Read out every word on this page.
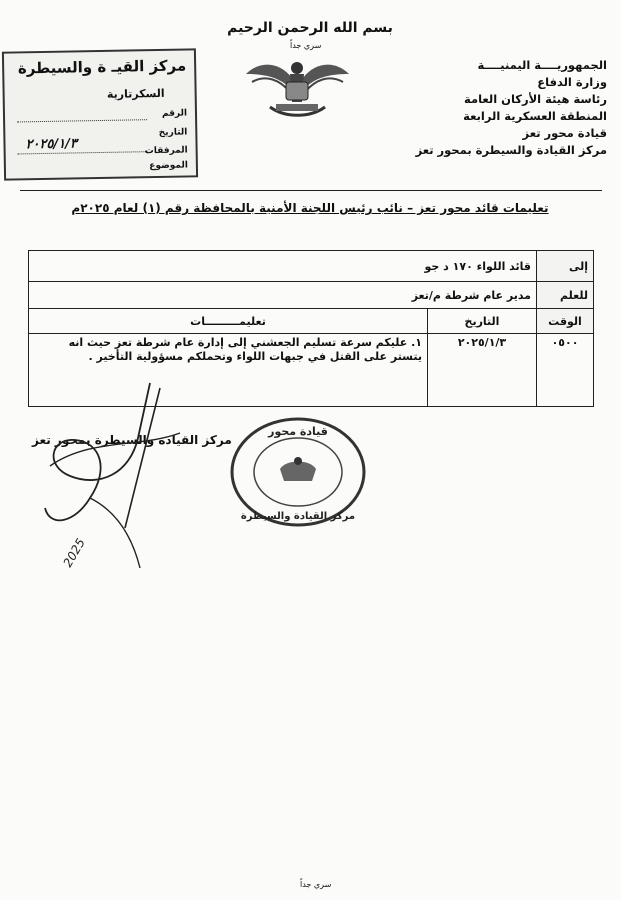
بسم الله الرحمن الرحيم
سري جداً
الجمهوريــــة اليمنيــــة
وزارة الدفاع
رئاسة هيئة الأركان العامة
المنطقة العسكرية الرابعة
قيادة محور تعز
مركز القيادة والسيطرة بمحور تعز
مركز القيـ ة والسيطرة
السكرتارية
الرقم
التاريخ
٢٠٢٥/١/٣	المرفقات
الموضوع
تعليمات قائد محور تعز – نائب رئيس اللجنة الأمنية بالمحافظة رقم (١) لعام ٢٠٢٥م
إلى	قائد اللواء ١٧٠ د جو	
للعلم	مدير عام شرطة م/تعز	
الوقت	التاريخ	تعليمـــــــــات
٠٥٠٠	٢٠٢٥/١/٣	١. عليكم سرعة تسليم الجعشني إلى إدارة عام شرطة تعز حيث انه يتستر على القتل في جبهات اللواء وتحملكم مسؤولية التأخير .
قيادة محور
مركز القيادة والسيطرة
مركز القيادة والسيطرة بمحور تعز
2025
سري جداً
